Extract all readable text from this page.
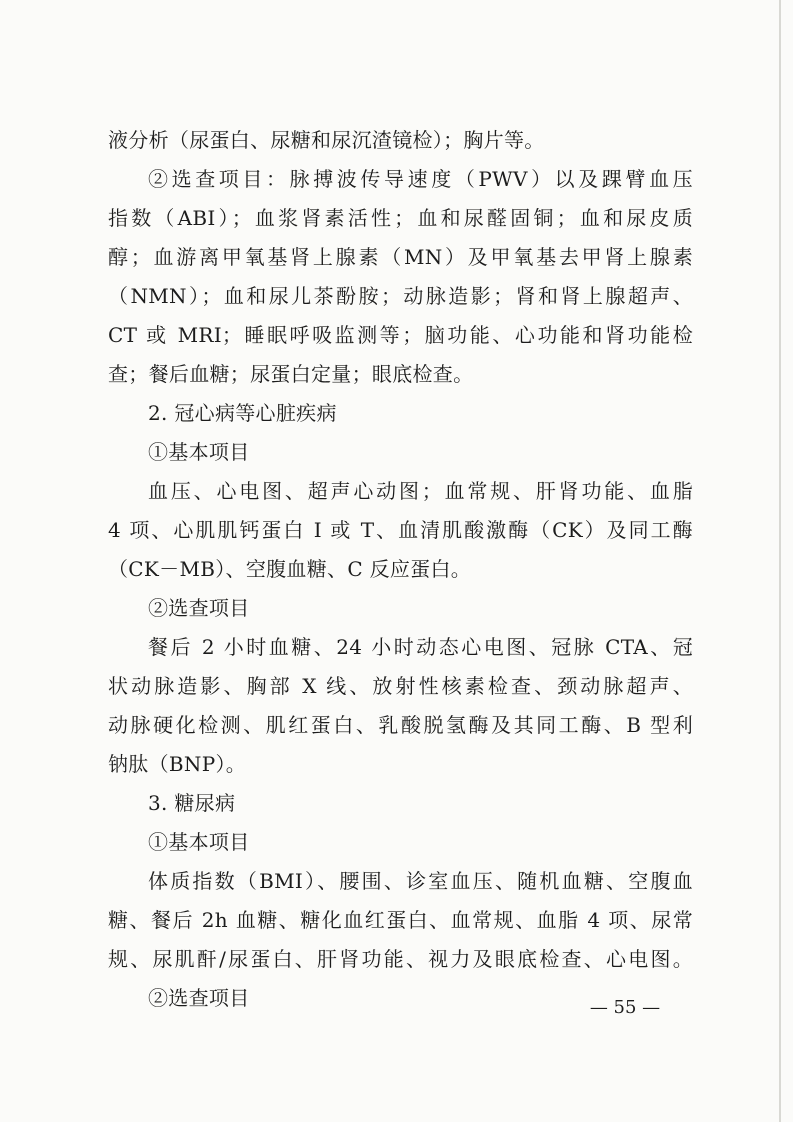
液分析（尿蛋白、尿糖和尿沉渣镜检）；胸片等。
②选查项目：脉搏波传导速度（PWV）以及踝臂血压
指数（ABI）；血浆肾素活性；血和尿醛固铜；血和尿皮质
醇；血游离甲氧基肾上腺素（MN）及甲氧基去甲肾上腺素
（NMN）；血和尿儿茶酚胺；动脉造影；肾和肾上腺超声、
CT 或 MRI；睡眠呼吸监测等；脑功能、心功能和肾功能检
查；餐后血糖；尿蛋白定量；眼底检查。
2. 冠心病等心脏疾病
①基本项目
血压、心电图、超声心动图；血常规、肝肾功能、血脂
4 项、心肌肌钙蛋白 I 或 T、血清肌酸激酶（CK）及同工酶
（CK－MB）、空腹血糖、C 反应蛋白。
②选查项目
餐后 2 小时血糖、24 小时动态心电图、冠脉 CTA、冠
状动脉造影、胸部 X 线、放射性核素检查、颈动脉超声、
动脉硬化检测、肌红蛋白、乳酸脱氢酶及其同工酶、B 型利
钠肽（BNP）。
3. 糖尿病
①基本项目
体质指数（BMI）、腰围、诊室血压、随机血糖、空腹血
糖、餐后 2h 血糖、糖化血红蛋白、血常规、血脂 4 项、尿常
规、尿肌酐/尿蛋白、肝肾功能、视力及眼底检查、心电图。
②选查项目	— 55 —
